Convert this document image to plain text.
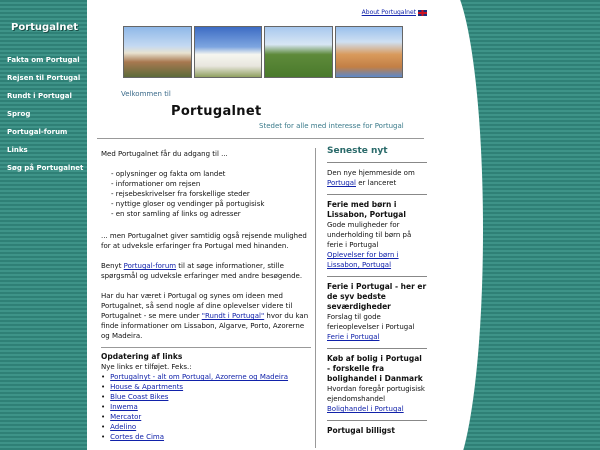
Portugalnet
Fakta om Portugal
Rejsen til Portugal
Rundt i Portugal
Sprog
Portugal-forum
Links
Søg på Portugalnet
About Portugalnet
Velkommen til
Portugalnet
Stedet for alle med interesse for Portugal

Med Portugalnet får du adgang til ...

- oplysninger og fakta om landet
- informationer om rejsen
- rejsebeskrivelser fra forskellige steder
- nyttige gloser og vendinger på portugisisk
- en stor samling af links og adresser

... men Portugalnet giver samtidig også rejsende mulighed for at udveksle erfaringer fra Portugal med hinanden.

Benyt Portugal-forum til at søge informationer, stille spørgsmål og udveksle erfaringer med andre besøgende.

Har du har været i Portugal og synes om ideen med Portugalnet, så send nogle af dine oplevelser videre til Portugalnet - se mere under "Rundt i Portugal" hvor du kan finde informationer om Lissabon, Algarve, Porto, Azorerne og Madeira.

Opdatering af links
Nye links er tilføjet. Feks.:
• Portugalnyt - alt om Portugal, Azorerne og Madeira
• House & Apartments
• Blue Coast Bikes
• Inwema
• Mercator
• Adelino
• Cortes de Cima
Seneste nyt
Den nye hjemmeside om Portugal er lanceret
Ferie med børn i Lissabon, Portugal
Gode muligheder for underholding til børn på ferie i Portugal
Oplevelser for børn i Lissabon, Portugal
Ferie i Portugal - her er de syv bedste seværdigheder
Forslag til gode ferieoplevelser i Portugal
Ferie i Portugal
Køb af bolig i Portugal - forskelle fra bolighandel i Danmark
Hvordan foregår portugisisk ejendomshandel
Bolighandel i Portugal
Portugal billigst
